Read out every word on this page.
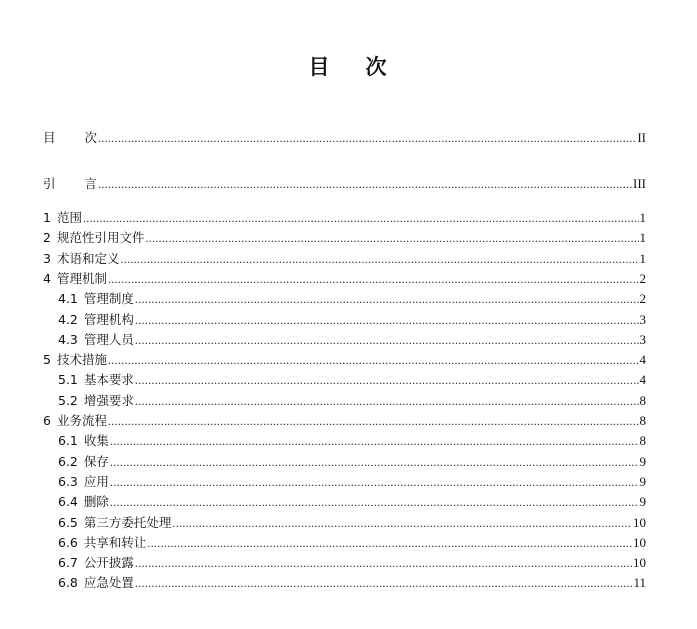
目 次
目 次 .....	II
引 言 .....	III
1 范围 .....	1
2 规范性引用文件 .....	1
3 术语和定义 .....	1
4 管理机制 .....	2
4.1 管理制度 .....	2
4.2 管理机构 .....	3
4.3 管理人员 .....	3
5 技术措施 .....	4
5.1 基本要求 .....	4
5.2 增强要求 .....	8
6 业务流程 .....	8
6.1 收集 .....	8
6.2 保存 .....	9
6.3 应用 .....	9
6.4 删除 .....	9
6.5 第三方委托处理 .....	10
6.6 共享和转让 .....	10
6.7 公开披露 .....	10
6.8 应急处置 .....	11
